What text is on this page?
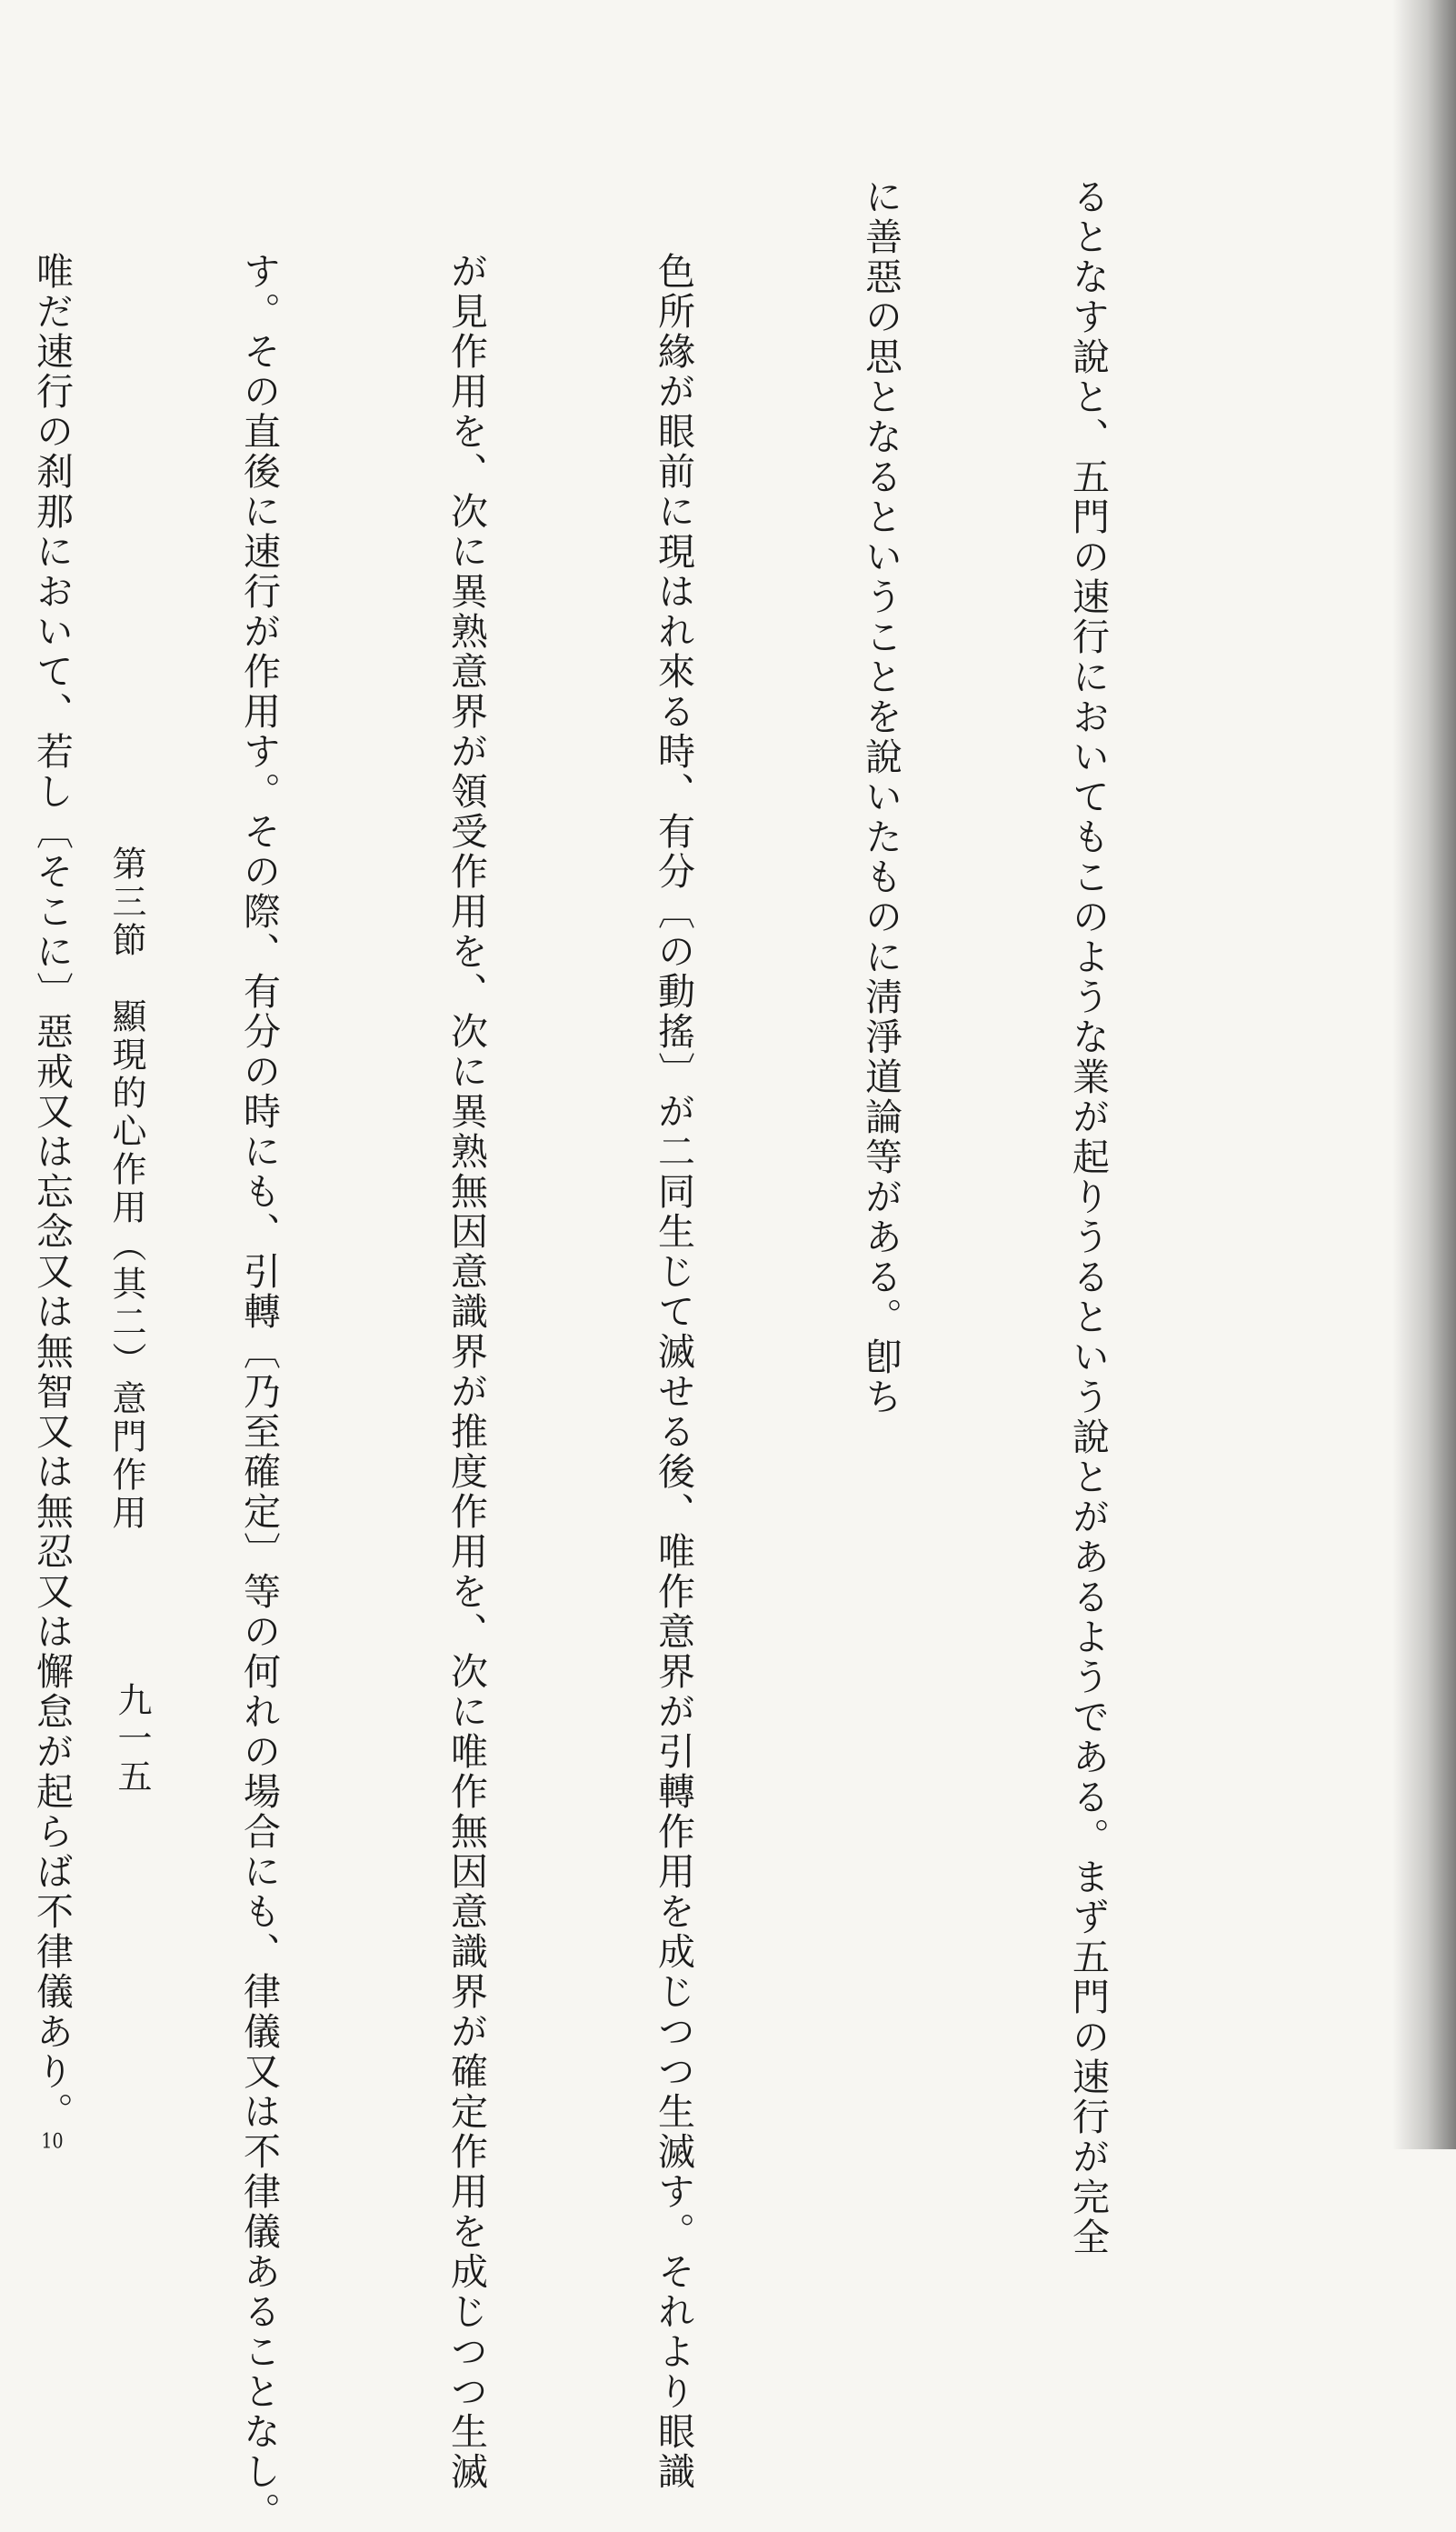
るとなす說と、五門の速行においてもこのような業が起りうるという說とがあるようである。まず五門の速行が完全

に善惡の思となるということを說いたものに淸淨道論等がある。卽ち

色所緣が眼前に現はれ來る時、有分〔の動搖〕が二同生じて滅せる後、唯作意界が引轉作用を成じつつ生滅す。それより眼識

が見作用を、次に異熟意界が領受作用を、次に異熟無因意識界が推度作用を、次に唯作無因意識界が確定作用を成じつつ生滅

す。その直後に速行が作用す。その際、有分の時にも、引轉〔乃至確定〕等の何れの場合にも、律儀又は不律儀あることなし。

唯だ速行の刹那において、若し〔そこに〕惡戒又は忘念又は無智又は無忍又は懈怠が起らば不律儀あり。10

第三節　顯現的心作用（其二）意門作用
九一五
